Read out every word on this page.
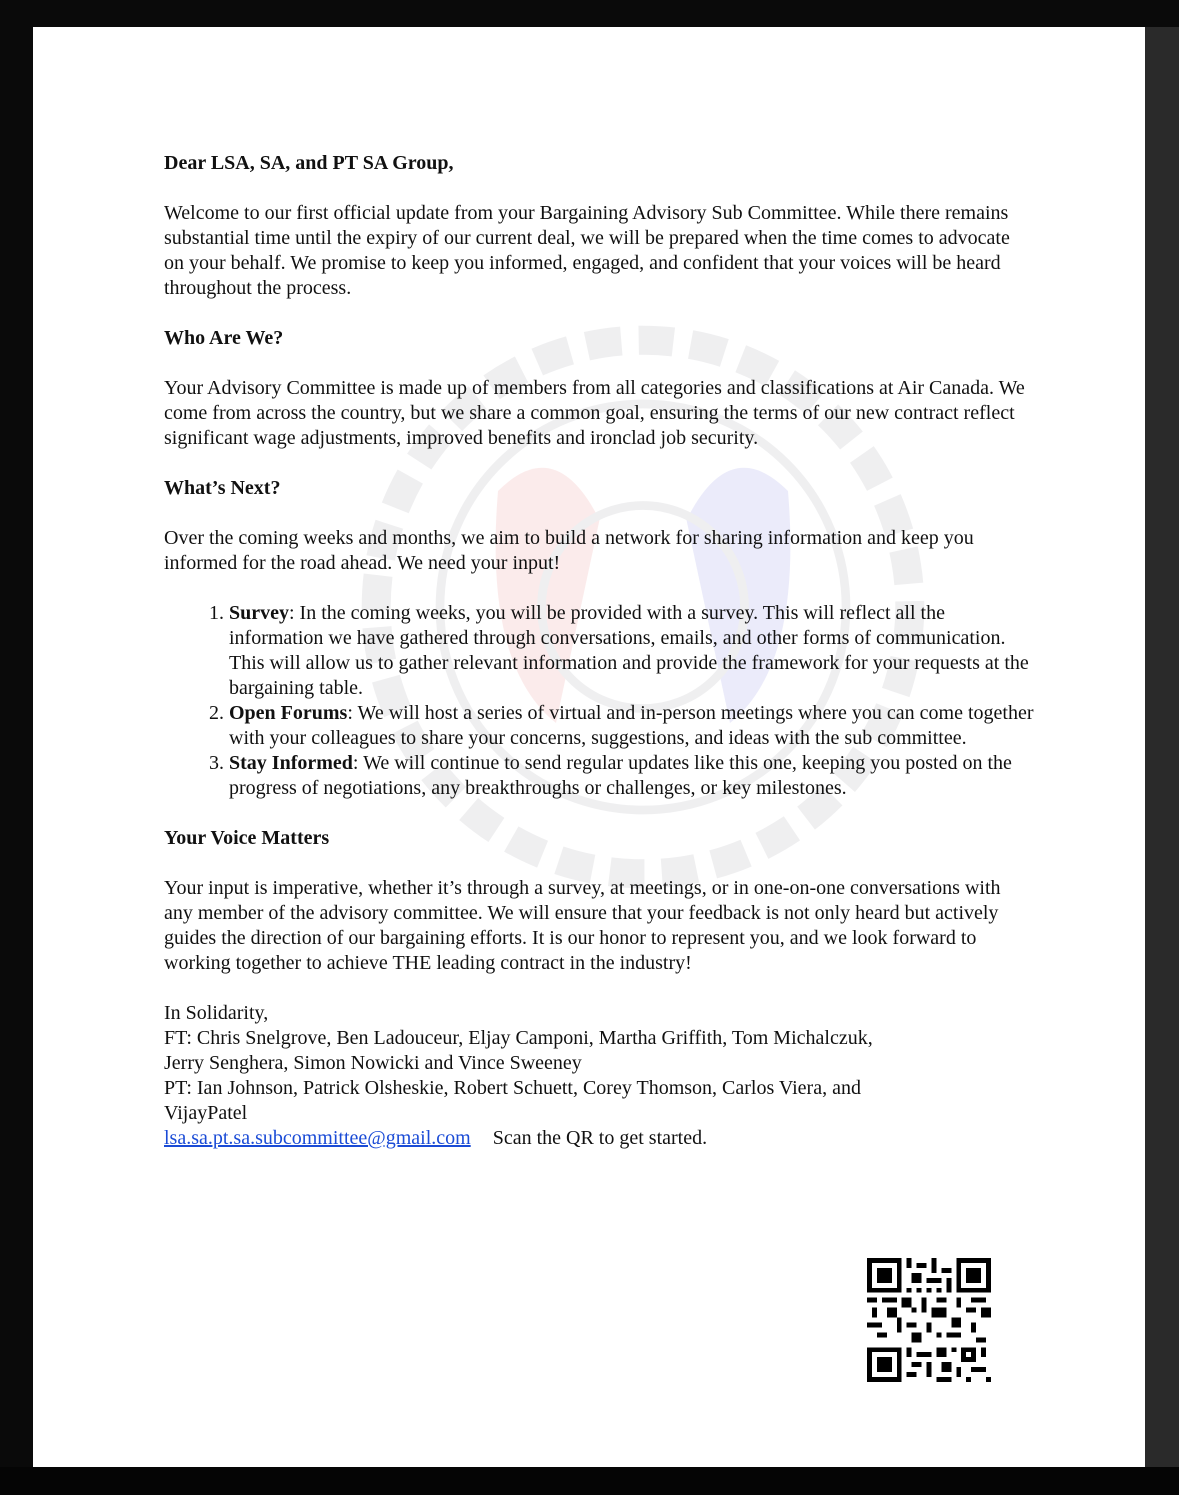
Dear LSA, SA, and PT SA Group,

Welcome to our first official update from your Bargaining Advisory Sub Committee. While there remains substantial time until the expiry of our current deal, we will be prepared when the time comes to advocate on your behalf. We promise to keep you informed, engaged, and confident that your voices will be heard throughout the process.

Who Are We?

Your Advisory Committee is made up of members from all categories and classifications at Air Canada. We come from across the country, but we share a common goal, ensuring the terms of our new contract reflect significant wage adjustments, improved benefits and ironclad job security.

What’s Next?

Over the coming weeks and months, we aim to build a network for sharing information and keep you informed for the road ahead. We need your input!

1. Survey: In the coming weeks, you will be provided with a survey. This will reflect all the information we have gathered through conversations, emails, and other forms of communication. This will allow us to gather relevant information and provide the framework for your requests at the bargaining table.
2. Open Forums: We will host a series of virtual and in-person meetings where you can come together with your colleagues to share your concerns, suggestions, and ideas with the sub committee.
3. Stay Informed: We will continue to send regular updates like this one, keeping you posted on the progress of negotiations, any breakthroughs or challenges, or key milestones.

Your Voice Matters

Your input is imperative, whether it’s through a survey, at meetings, or in one-on-one conversations with any member of the advisory committee. We will ensure that your feedback is not only heard but actively guides the direction of our bargaining efforts. It is our honor to represent you, and we look forward to working together to achieve THE leading contract in the industry!

In Solidarity,

FT: Chris Snelgrove, Ben Ladouceur, Eljay Camponi, Martha Griffith, Tom Michalczuk,

Jerry Senghera, Simon Nowicki and Vince Sweeney

PT: Ian Johnson, Patrick Olsheskie, Robert Schuett, Corey Thomson, Carlos Viera, and

VijayPatel

lsa.sa.pt.sa.subcommittee@gmail.com Scan the QR to get started.
